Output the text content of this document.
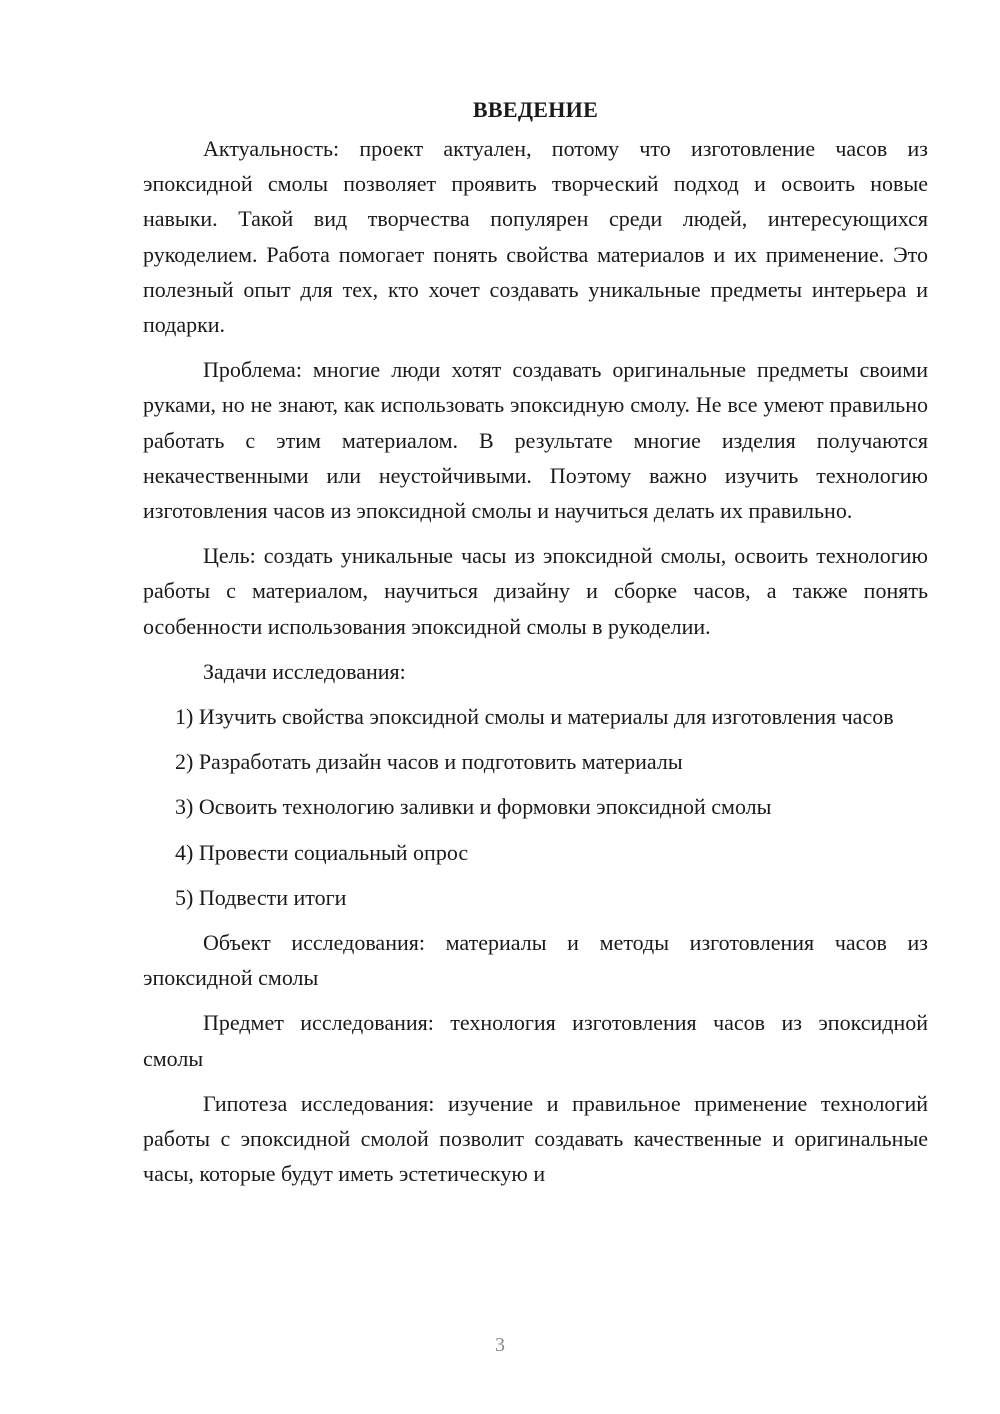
ВВЕДЕНИЕ

Актуальность: проект актуален, потому что изготовление часов из эпоксидной смолы позволяет проявить творческий подход и освоить новые навыки. Такой вид творчества популярен среди людей, интересующихся рукоделием. Работа помогает понять свойства материалов и их применение. Это полезный опыт для тех, кто хочет создавать уникальные предметы интерьера и подарки.

Проблема: многие люди хотят создавать оригинальные предметы своими руками, но не знают, как использовать эпоксидную смолу. Не все умеют правильно работать с этим материалом. В результате многие изделия получаются некачественными или неустойчивыми. Поэтому важно изучить технологию изготовления часов из эпоксидной смолы и научиться делать их правильно.

Цель: создать уникальные часы из эпоксидной смолы, освоить технологию работы с материалом, научиться дизайну и сборке часов, а также понять особенности использования эпоксидной смолы в рукоделии.

Задачи исследования:

1) Изучить свойства эпоксидной смолы и материалы для изготовления часов

2) Разработать дизайн часов и подготовить материалы

3) Освоить технологию заливки и формовки эпоксидной смолы

4) Провести социальный опрос

5) Подвести итоги

Объект исследования: материалы и методы изготовления часов из эпоксидной смолы

Предмет исследования: технология изготовления часов из эпоксидной смолы

Гипотеза исследования: изучение и правильное применение технологий работы с эпоксидной смолой позволит создавать качественные и оригинальные часы, которые будут иметь эстетическую и

3
